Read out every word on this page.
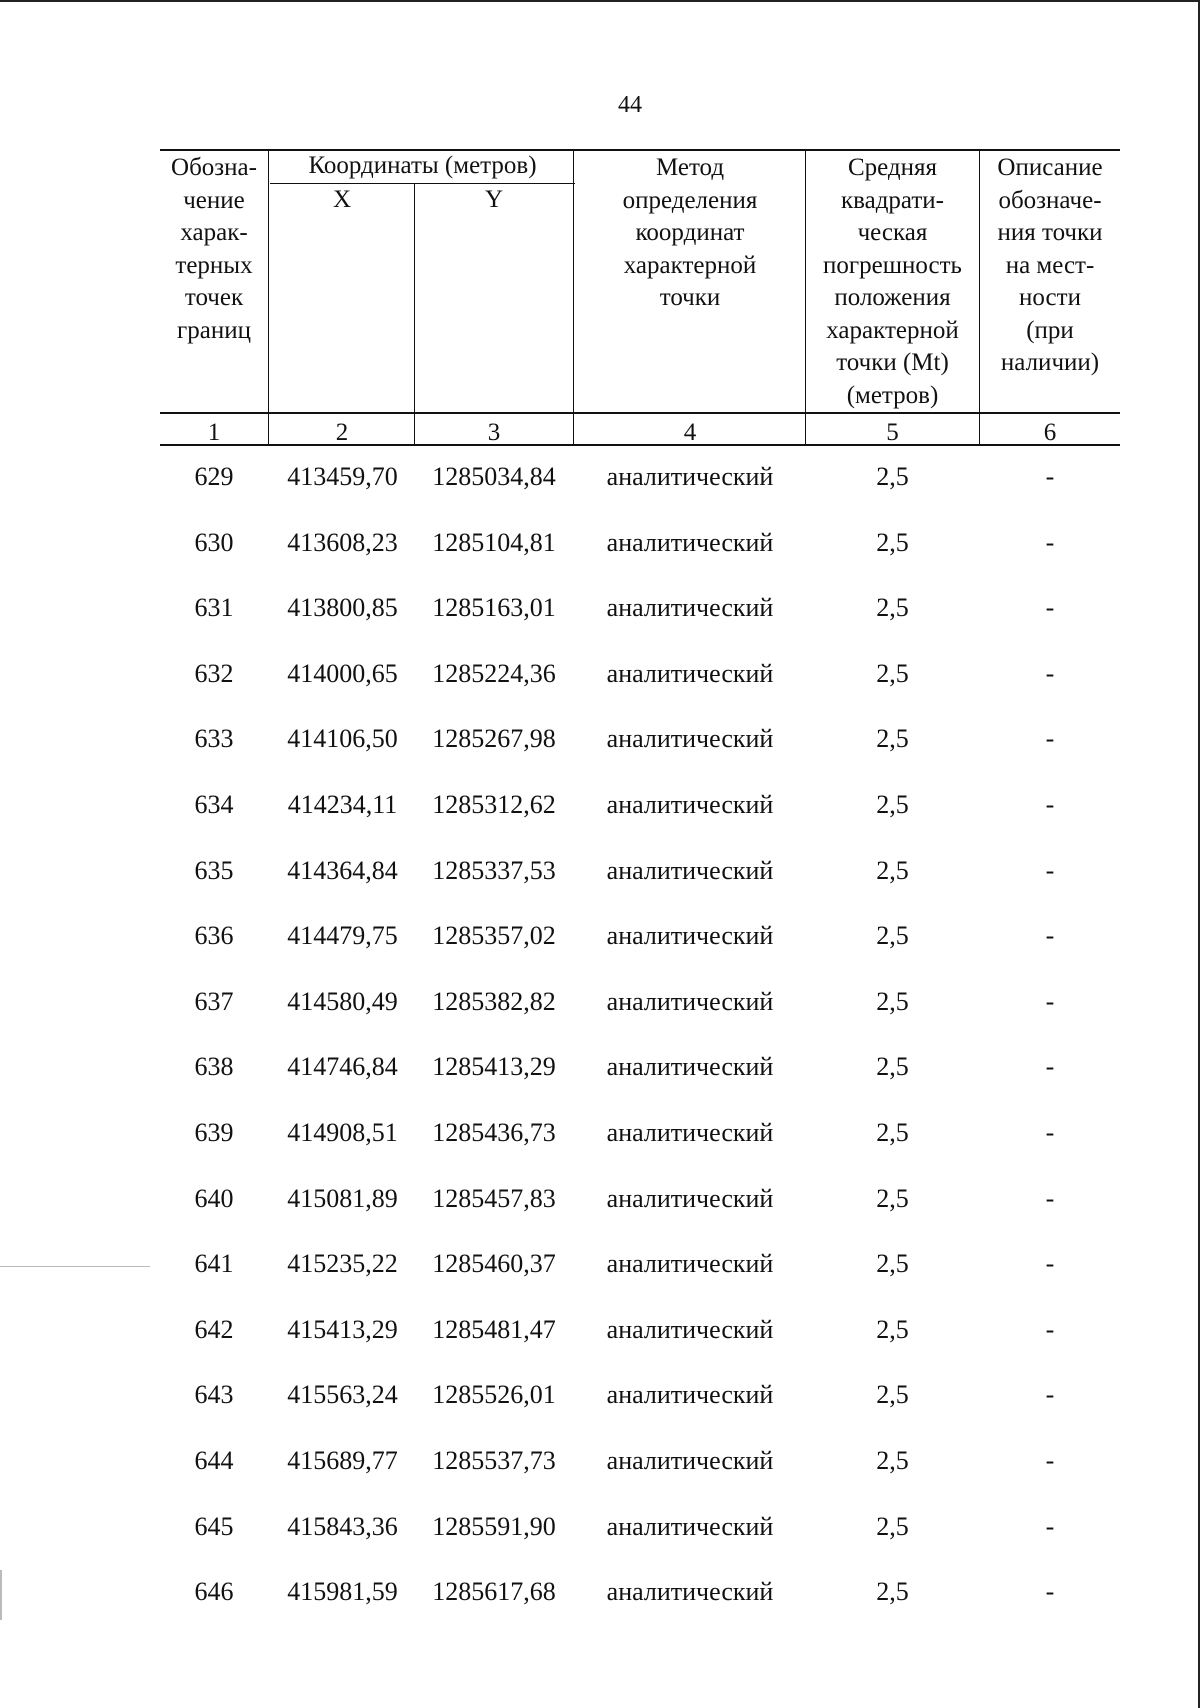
44
Обозна-
чение
харак-
терных
точек
границ
Координаты (метров)
X	Y
Метод
определения
координат
характерной
точки
Средняя
квадрати-
ческая
погрешность
положения
характерной
точки (Mt)
(метров)
Описание
обозначе-
ния точки
на мест-
ности
(при
наличии)
1	2	3	4	5	6
629	413459,70	1285034,84	аналитический	2,5	-
630	413608,23	1285104,81	аналитический	2,5	-
631	413800,85	1285163,01	аналитический	2,5	-
632	414000,65	1285224,36	аналитический	2,5	-
633	414106,50	1285267,98	аналитический	2,5	-
634	414234,11	1285312,62	аналитический	2,5	-
635	414364,84	1285337,53	аналитический	2,5	-
636	414479,75	1285357,02	аналитический	2,5	-
637	414580,49	1285382,82	аналитический	2,5	-
638	414746,84	1285413,29	аналитический	2,5	-
639	414908,51	1285436,73	аналитический	2,5	-
640	415081,89	1285457,83	аналитический	2,5	-
641	415235,22	1285460,37	аналитический	2,5	-
642	415413,29	1285481,47	аналитический	2,5	-
643	415563,24	1285526,01	аналитический	2,5	-
644	415689,77	1285537,73	аналитический	2,5	-
645	415843,36	1285591,90	аналитический	2,5	-
646	415981,59	1285617,68	аналитический	2,5	-
